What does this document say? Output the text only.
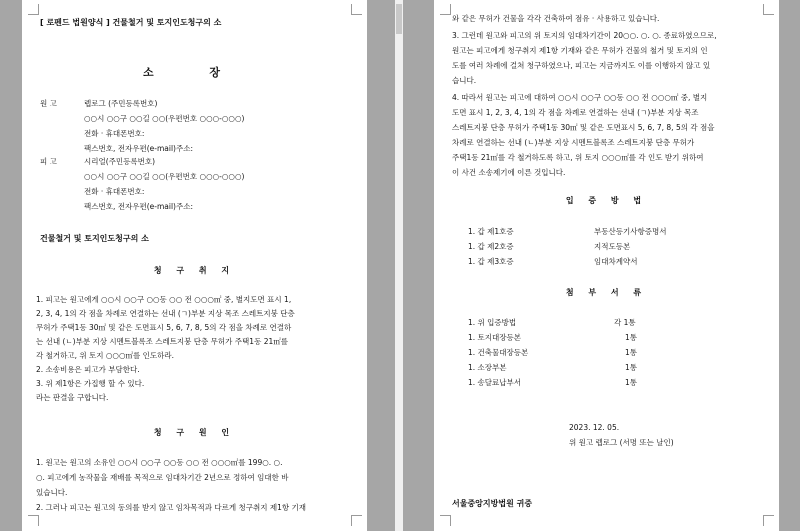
[ 로펜드 법원양식 ] 건물철거 및 토지인도청구의 소
소 장
원 고	렙로그 (주민등록번호)
○○시 ○○구 ○○길 ○○(우편번호 ○○○-○○○)
전화 · 휴대폰번호:
팩스번호, 전자우편(e-mail)주소:
피 고	시리얼(주민등록번호)
○○시 ○○구 ○○길 ○○(우편번호 ○○○-○○○)
전화 · 휴대폰번호:
팩스번호, 전자우편(e-mail)주소:
건물철거 및 토지인도청구의 소
청 구 취 지
1. 피고는 원고에게 ○○시 ○○구 ○○동 ○○ 전 ○○○㎡ 중, 별지도면 표시 1,
2, 3, 4, 1의 각 점을 차례로 연결하는 선내 (ㄱ)부분 지상 목조 스레트지붕 단층
무허가 주택1동 30㎡ 및 같은 도면표시 5, 6, 7, 8, 5의 각 점을 차례로 연결하
는 선내 (ㄴ)부분 지상 시멘트블록조 스레트지붕 단층 무허가 주택1동 21㎡를
각 철거하고, 위 토지 ○○○㎡를 인도하라.
2. 소송비용은 피고가 부담한다.
3. 위 제1항은 가집행 할 수 있다.
라는 판결을 구합니다.
청 구 원 인
1. 원고는 원고의 소유인 ○○시 ○○구 ○○동 ○○ 전 ○○○㎡를 199○. ○.
○. 피고에게 농작물을 재배를 목적으로 임대차기간 2년으로 정하여 임대한 바
있습니다.
2. 그러나 피고는 원고의 동의를 받지 않고 임차목적과 다르게 청구취지 제1항 기재
와 같은 무허가 건물을 각각 건축하여 점유 · 사용하고 있습니다.
3. 그런데 원고와 피고의 위 토지의 임대차기간이 20○○. ○. ○. 종료하였으므로,
원고는 피고에게 청구취지 제1항 기재와 같은 무허가 건물의 철거 및 토지의 인
도를 여러 차례에 걸쳐 청구하였으나, 피고는 지금까지도 이를 이행하지 않고 있
습니다.
4. 따라서 원고는 피고에 대하여 ○○시 ○○구 ○○동 ○○ 전 ○○○㎡ 중, 별지
도면 표시 1, 2, 3, 4, 1의 각 점을 차례로 연결하는 선내 (ㄱ)부분 지상 목조
스레트지붕 단층 무허가 주택1동 30㎡ 및 같은 도면표시 5, 6, 7, 8, 5의 각 점을
차례로 연결하는 선내 (ㄴ)부분 지상 시멘트블록조 스레트지붕 단층 무허가
주택1동 21㎡를 각 철거하도록 하고, 위 토지 ○○○㎡를 각 인도 받기 위하여
이 사건 소송제기에 이른 것입니다.
입 증 방 법
1. 갑 제1호증	부동산등기사항증명서
1. 갑 제2호증	지적도등본
1. 갑 제3호증	임대차계약서
첨 부 서 류
1. 위 입증방법	각 1통
1. 토지대장등본	1통
1. 건축물대장등본	1통
1. 소장부본	1통
1. 송달료납부서	1통
2023. 12. 05.
위 원고 렙로그 (서명 또는 날인)
서울중앙지방법원 귀중
